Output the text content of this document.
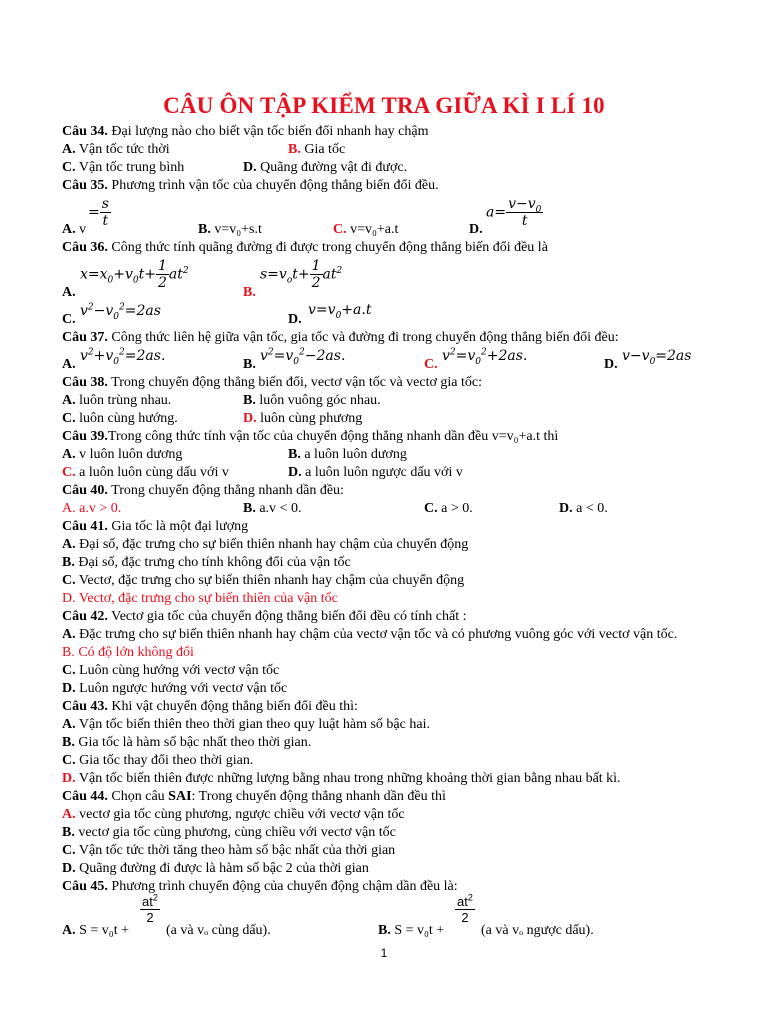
CÂU ÔN TẬP KIỂM TRA GIỮA KÌ I LÍ 10
Câu 34. Đại lượng nào cho biết vận tốc biến đổi nhanh hay chậm
A. Vận tốc tức thời	B. Gia tốc
C. Vận tốc trung bình	D. Quãng đường vật đi được.
Câu 35. Phương trình vận tốc của chuyển động thẳng biến đổi đều.
= $\frac{s}{t}$
A. v	B. v=v₀+s.t	C. v=v₀+a.t	D.
$a= \frac{v-v_0}{t}$
Câu 36. Công thức tính quãng đường đi được trong chuyển động thẳng biến đổi đều là
$x=x_0+v_0t+ \frac{1}{2} at^2$
A.
$s=v_ot+ \frac{1}{2} at^2$
B.
$v^2-v_0^2=2as$
C.
$v=v_0+a.t$
D.
Câu 37. Công thức liên hệ giữa vận tốc, gia tốc và đường đi trong chuyển động thẳng biến đổi đều:
$v^2+v_0^2=2as$.
A.
$v^2=v_0^2-2as$.
B.
$v^2=v_0^2+2as$.
C.
$v-v_0=2as$
D.
Câu 38. Trong chuyển động thẳng biến đổi, vectơ vận tốc và vectơ gia tốc:
A. luôn trùng nhau.	B. luôn vuông góc nhau.
C. luôn cùng hướng.	D. luôn cùng phương
Câu 39.Trong công thức tính vận tốc của chuyển động thẳng nhanh dần đều v=v₀+a.t thì
A. v luôn luôn dương	B. a luôn luôn dương
C. a luôn luôn cùng dấu với v	D. a luôn luôn ngược dấu với v
Câu 40. Trong chuyển động thẳng nhanh dần đều:
A. a.v > 0.	B. a.v < 0.	C. a > 0.	D. a < 0.
Câu 41. Gia tốc là một đại lượng
A. Đại số, đặc trưng cho sự biến thiên nhanh hay chậm của chuyển động
B. Đại số, đặc trưng cho tính không đổi của vận tốc
C. Vectơ, đặc trưng cho sự biến thiên nhanh hay chậm của chuyển động
D. Vectơ, đặc trưng cho sự biến thiên của vận tốc
Câu 42. Vectơ gia tốc của chuyển động thẳng biến đổi đều có tính chất :
A. Đặc trưng cho sự biến thiên nhanh hay chậm của vectơ vận tốc và có phương vuông góc với vectơ vận tốc.
B. Có độ lớn không đổi
C. Luôn cùng hướng với vectơ vận tốc
D. Luôn ngược hướng với vectơ vận tốc
Câu 43. Khi vật chuyển động thẳng biến đổi đều thì:
A. Vận tốc biến thiên theo thời gian theo quy luật hàm số bậc hai.
B. Gia tốc là hàm số bậc nhất theo thời gian.
C. Gia tốc thay đổi theo thời gian.
D. Vận tốc biến thiên được những lượng bằng nhau trong những khoảng thời gian bằng nhau bất kì.
Câu 44. Chọn câu SAI: Trong chuyển động thẳng nhanh dần đều thì
A. vectơ gia tốc cùng phương, ngược chiều với vectơ vận tốc
B. vectơ gia tốc cùng phương, cùng chiều với vectơ vận tốc
C. Vận tốc tức thời tăng theo hàm số bậc nhất của thời gian
D. Quãng đường đi được là hàm số bậc 2 của thời gian
Câu 45. Phương trình chuyển động của chuyển động chậm dần đều là:
A. S = v₀t +
$\frac{at^2}{2}$
(a và vₒ cùng dấu).	B. S = v₀t +
$\frac{at^2}{2}$
(a và vₒ ngược dấu).
1
